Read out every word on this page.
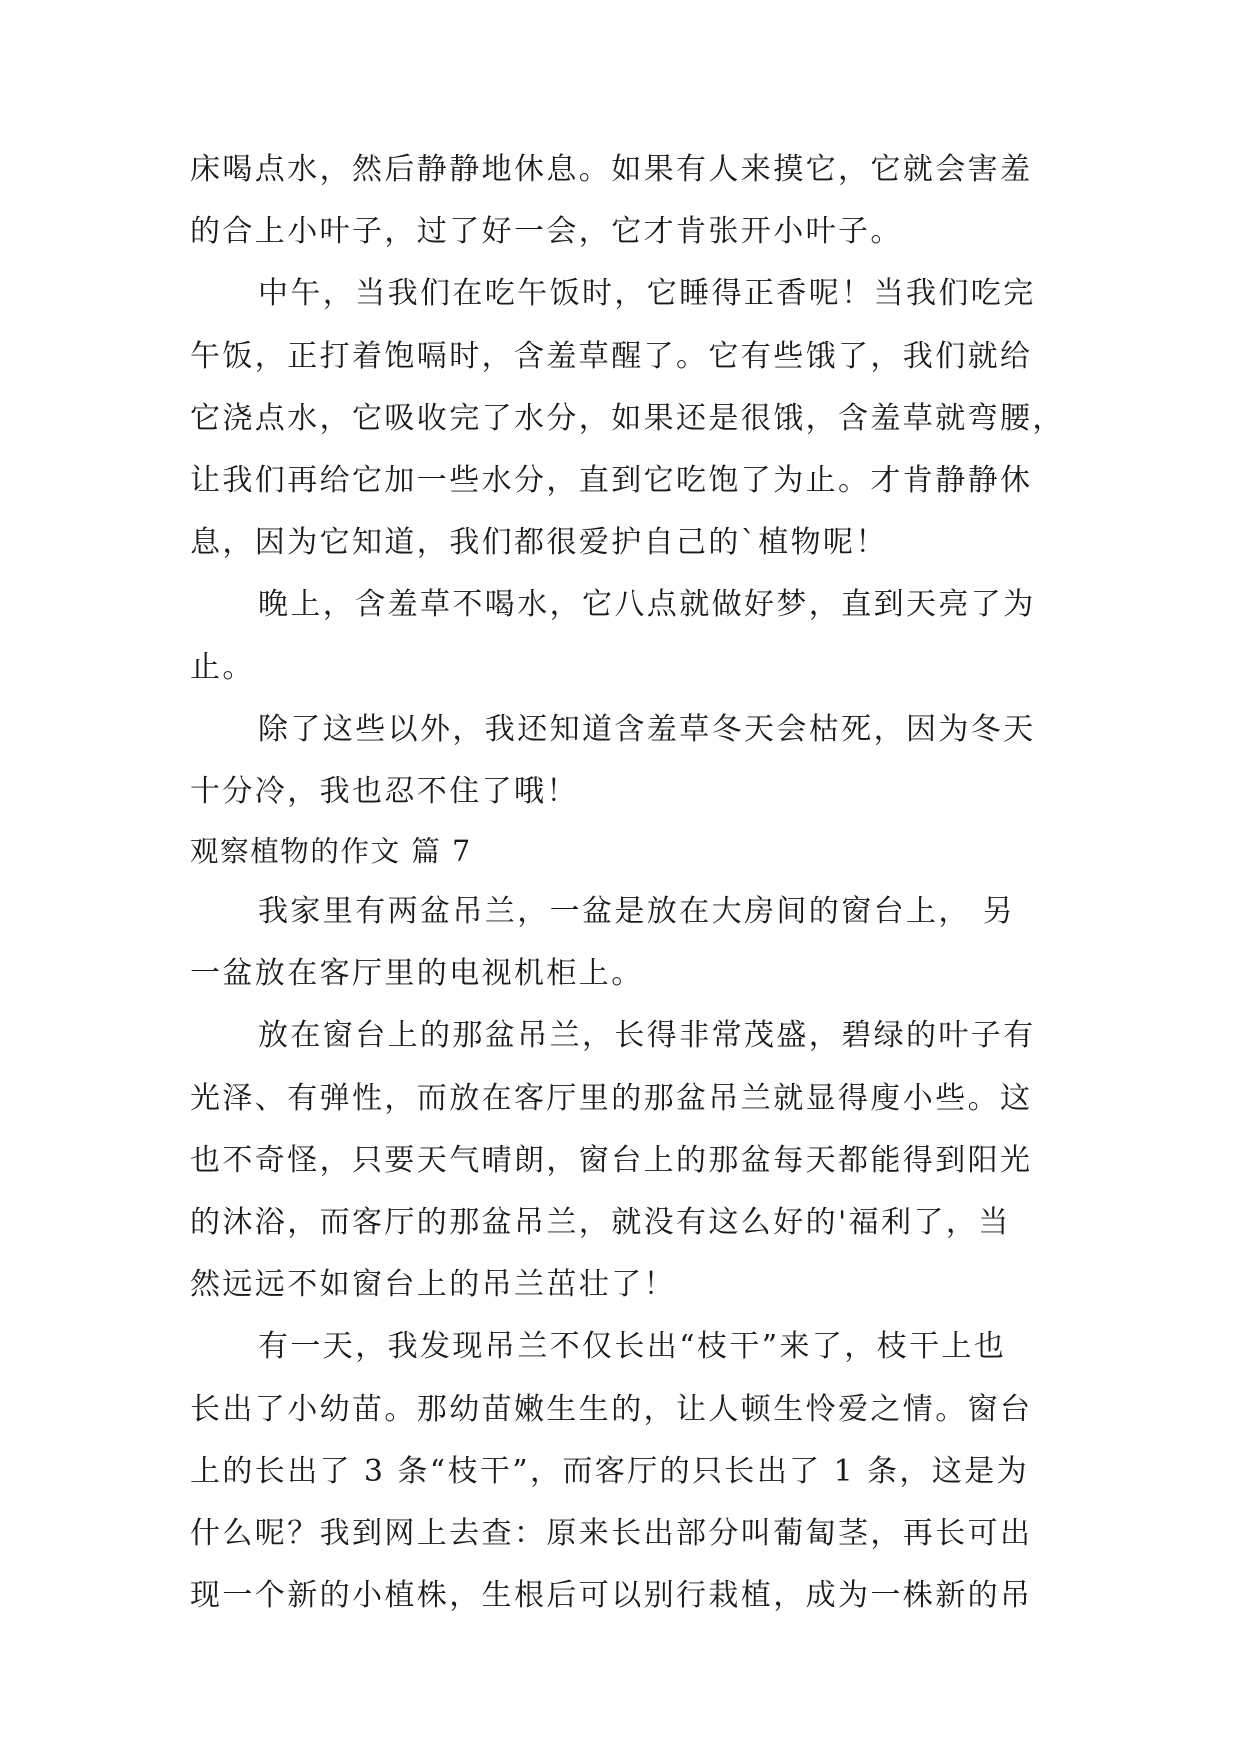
床喝点水，然后静静地休息。如果有人来摸它，它就会害羞
的合上小叶子，过了好一会，它才肯张开小叶子。
中午，当我们在吃午饭时，它睡得正香呢！当我们吃完
午饭，正打着饱嗝时，含羞草醒了。它有些饿了，我们就给
它浇点水，它吸收完了水分，如果还是很饿，含羞草就弯腰，
让我们再给它加一些水分，直到它吃饱了为止。才肯静静休
息，因为它知道，我们都很爱护自己的`植物呢！
晚上，含羞草不喝水，它八点就做好梦，直到天亮了为
止。
除了这些以外，我还知道含羞草冬天会枯死，因为冬天
十分冷，我也忍不住了哦！
观察植物的作文 篇 7
我家里有两盆吊兰，一盆是放在大房间的窗台上， 另
一盆放在客厅里的电视机柜上。
放在窗台上的那盆吊兰，长得非常茂盛，碧绿的叶子有
光泽、有弹性，而放在客厅里的那盆吊兰就显得廋小些。这
也不奇怪，只要天气晴朗，窗台上的那盆每天都能得到阳光
的沐浴，而客厅的那盆吊兰，就没有这么好的'福利了，当
然远远不如窗台上的吊兰茁壮了！
有一天，我发现吊兰不仅长出“枝干”来了，枝干上也
长出了小幼苗。那幼苗嫩生生的，让人顿生怜爱之情。窗台
上的长出了 3 条“枝干”，而客厅的只长出了 1 条，这是为
什么呢？我到网上去查：原来长出部分叫葡匐茎，再长可出
现一个新的小植株，生根后可以别行栽植，成为一株新的吊
